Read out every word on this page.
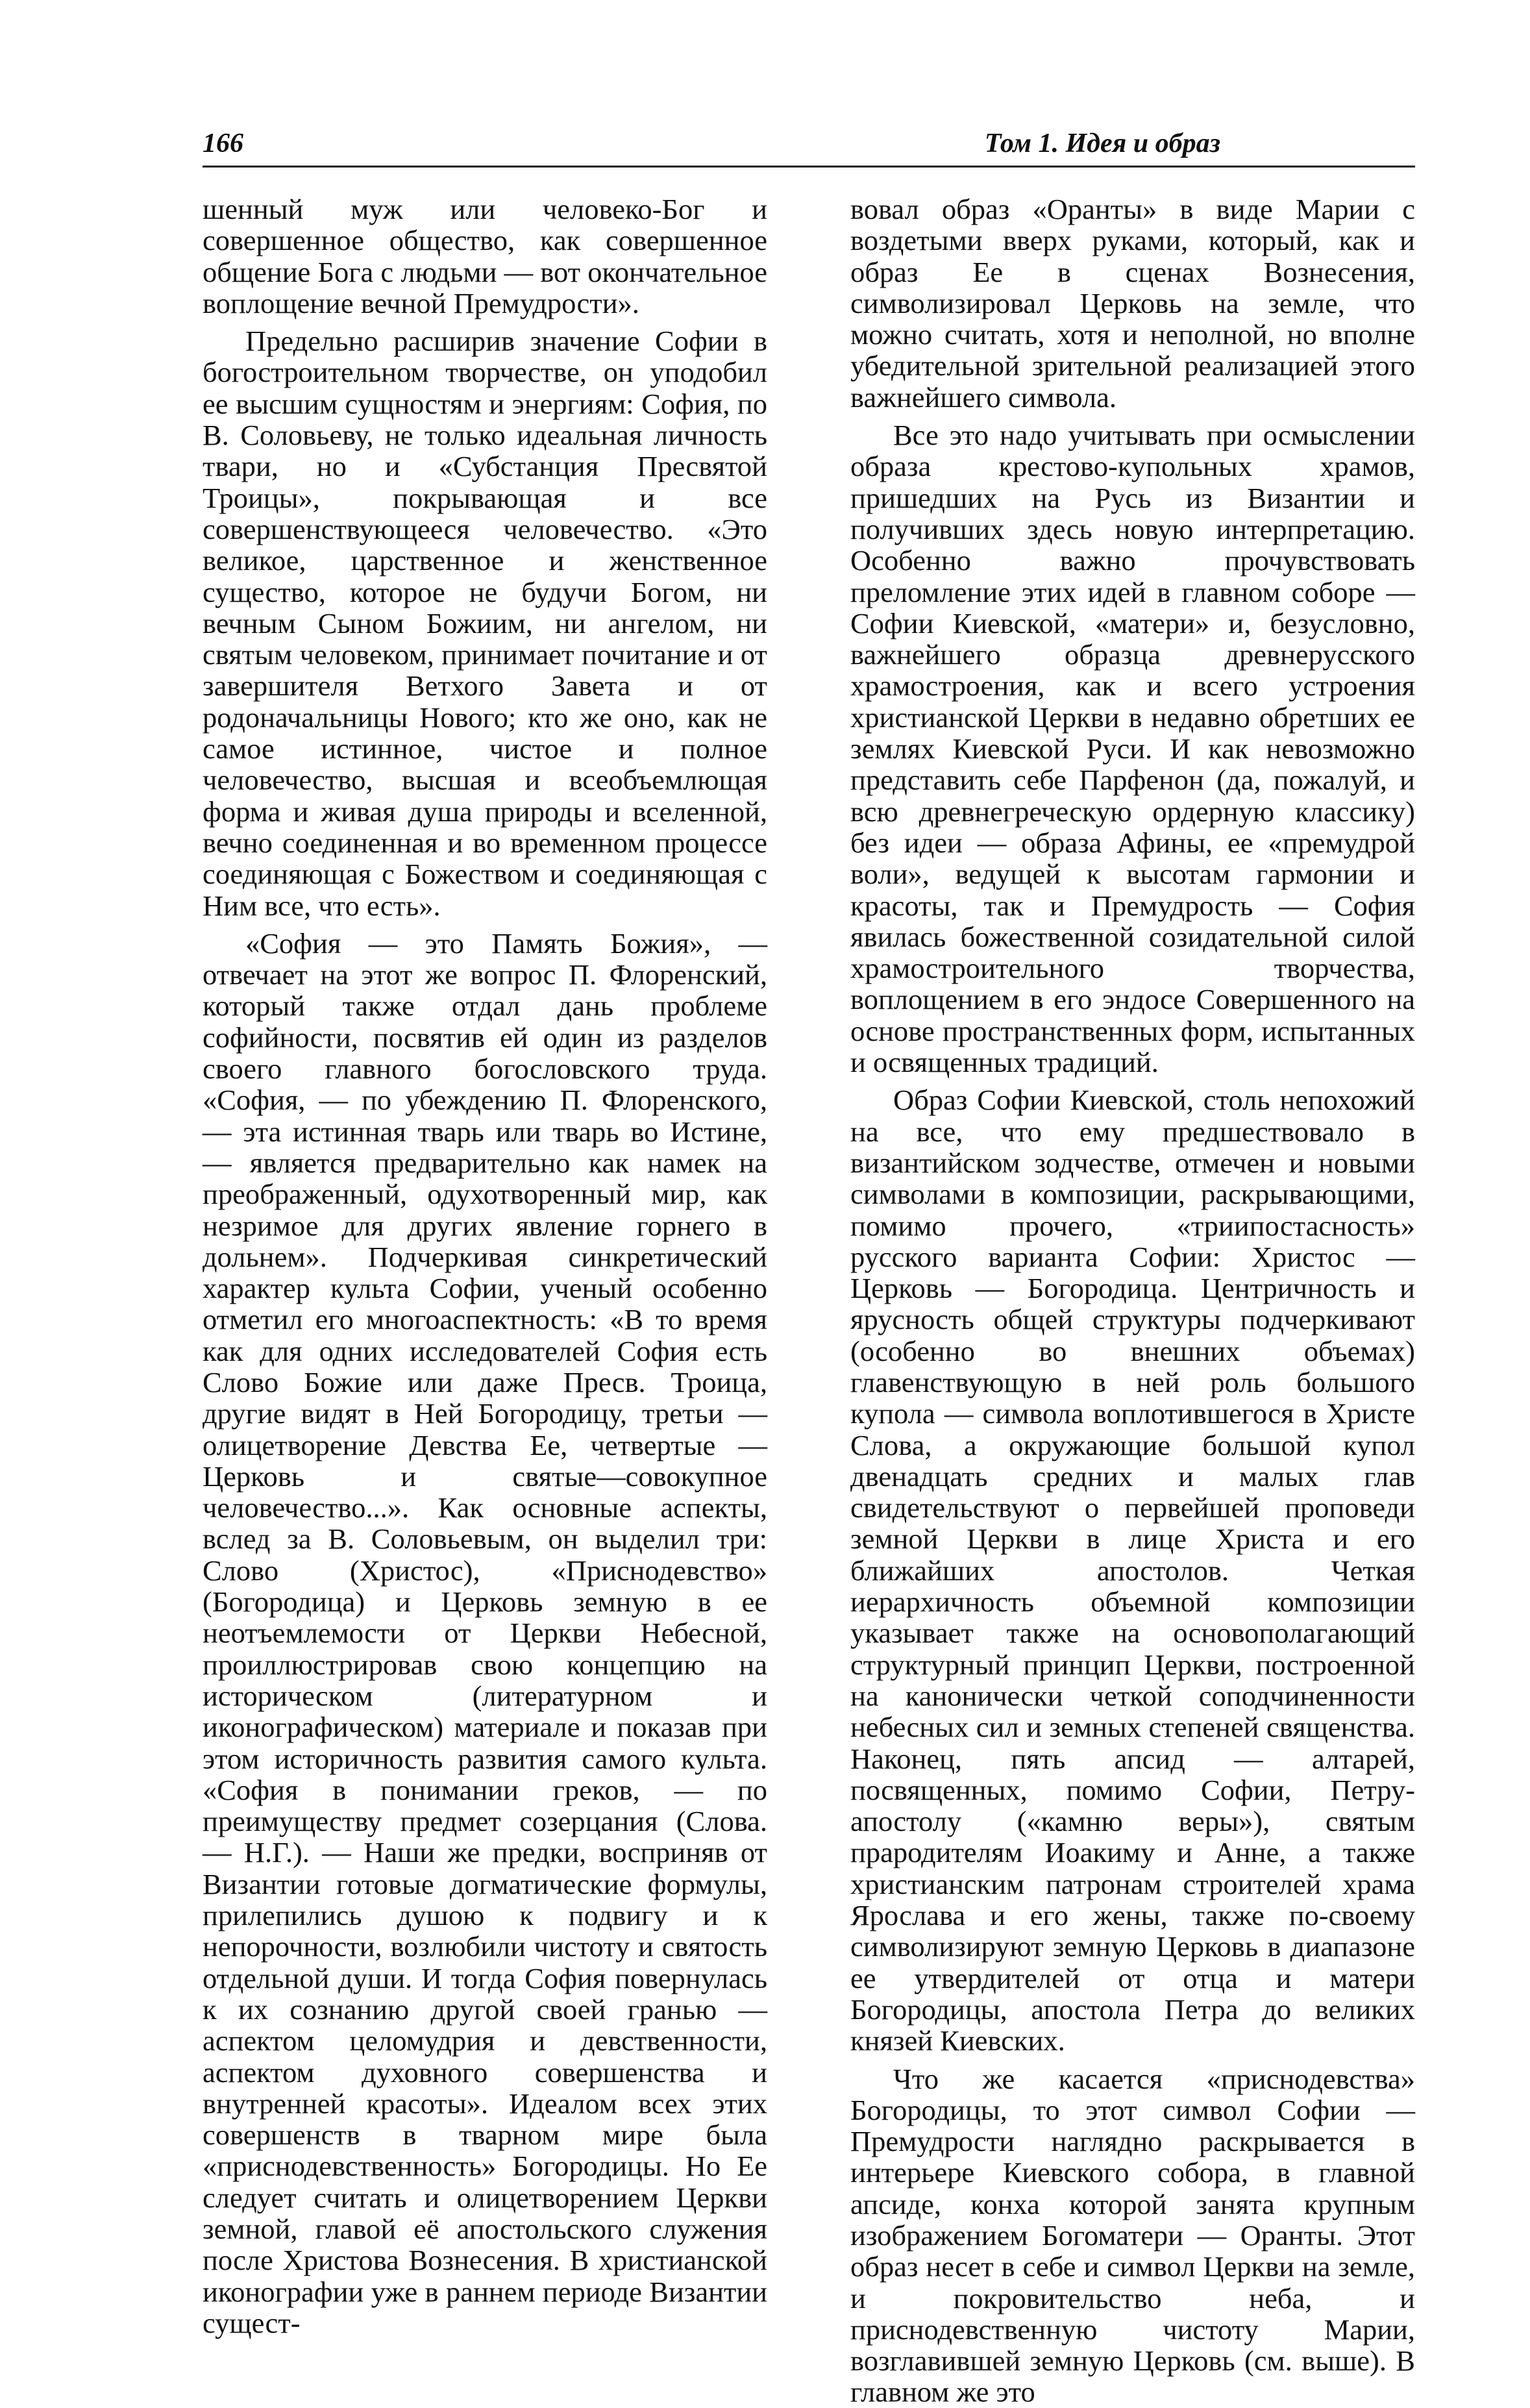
166	Том 1. Идея и образ

шенный муж или человеко-Бог и совершенное общество, как совершенное общение Бога с людьми — вот окончательное воплощение вечной Премудрости».

Предельно расширив значение Софии в богостроительном творчестве, он уподобил ее высшим сущностям и энергиям: София, по В. Соловьеву, не только идеальная личность твари, но и «Субстанция Пресвятой Троицы», покрывающая и все совершенствующееся человечество. «Это великое, царственное и женственное существо, которое не будучи Богом, ни вечным Сыном Божиим, ни ангелом, ни святым человеком, принимает почитание и от завершителя Ветхого Завета и от родоначальницы Нового; кто же оно, как не самое истинное, чистое и полное человечество, высшая и всеобъемлющая форма и живая душа природы и вселенной, вечно соединенная и во временном процессе соединяющая с Божеством и соединяющая с Ним все, что есть».

«София — это Память Божия», — отвечает на этот же вопрос П. Флоренский, который также отдал дань проблеме софийности, посвятив ей один из разделов своего главного богословского труда. «София, — по убеждению П. Флоренского, — эта истинная тварь или тварь во Истине, — является предварительно как намек на преображенный, одухотворенный мир, как незримое для других явление горнего в дольнем». Подчеркивая синкретический характер культа Софии, ученый особенно отметил его многоаспектность: «В то время как для одних исследователей София есть Слово Божие или даже Пресв. Троица, другие видят в Ней Богородицу, третьи — олицетворение Девства Ее, четвертые — Церковь и святые—совокупное человечество...». Как основные аспекты, вслед за В. Соловьевым, он выделил три: Слово (Христос), «Приснодевство» (Богородица) и Церковь земную в ее неотъемлемости от Церкви Небесной, проиллюстрировав свою концепцию на историческом (литературном и иконографическом) материале и показав при этом историчность развития самого культа. «София в понимании греков, — по преимуществу предмет созерцания (Слова. — Н.Г.). — Наши же предки, восприняв от Византии готовые догматические формулы, прилепились душою к подвигу и к непорочности, возлюбили чистоту и святость отдельной души. И тогда София повернулась к их сознанию другой своей гранью — аспектом целомудрия и девственности, аспектом духовного совершенства и внутренней красоты». Идеалом всех этих совершенств в тварном мире была «приснодевственность» Богородицы. Но Ее следует считать и олицетворением Церкви земной, главой её апостольского служения после Христова Вознесения. В христианской иконографии уже в раннем периоде Византии сущест-

вовал образ «Оранты» в виде Марии с воздетыми вверх руками, который, как и образ Ее в сценах Вознесения, символизировал Церковь на земле, что можно считать, хотя и неполной, но вполне убедительной зрительной реализацией этого важнейшего символа.

Все это надо учитывать при осмыслении образа крестово-купольных храмов, пришедших на Русь из Византии и получивших здесь новую интерпретацию. Особенно важно прочувствовать преломление этих идей в главном соборе — Софии Киевской, «матери» и, безусловно, важнейшего образца древнерусского храмостроения, как и всего устроения христианской Церкви в недавно обретших ее землях Киевской Руси. И как невозможно представить себе Парфенон (да, пожалуй, и всю древнегреческую ордерную классику) без идеи — образа Афины, ее «премудрой воли», ведущей к высотам гармонии и красоты, так и Премудрость — София явилась божественной созидательной силой храмостроительного творчества, воплощением в его эндосе Совершенного на основе пространственных форм, испытанных и освященных традиций.

Образ Софии Киевской, столь непохожий на все, что ему предшествовало в византийском зодчестве, отмечен и новыми символами в композиции, раскрывающими, помимо прочего, «триипостасность» русского варианта Софии: Христос — Церковь — Богородица. Центричность и ярусность общей структуры подчеркивают (особенно во внешних объемах) главенствующую в ней роль большого купола — символа воплотившегося в Христе Слова, а окружающие большой купол двенадцать средних и малых глав свидетельствуют о первейшей проповеди земной Церкви в лице Христа и его ближайших апостолов. Четкая иерархичность объемной композиции указывает также на основополагающий структурный принцип Церкви, построенной на канонически четкой соподчиненности небесных сил и земных степеней священства. Наконец, пять апсид — алтарей, посвященных, помимо Софии, Петру-апостолу («камню веры»), святым прародителям Иоакиму и Анне, а также христианским патронам строителей храма Ярослава и его жены, также по-своему символизируют земную Церковь в диапазоне ее утвердителей от отца и матери Богородицы, апостола Петра до великих князей Киевских.

Что же касается «приснодевства» Богородицы, то этот символ Софии — Премудрости наглядно раскрывается в интерьере Киевского собора, в главной апсиде, конха которой занята крупным изображением Богоматери — Оранты. Этот образ несет в себе и символ Церкви на земле, и покровительство неба, и приснодевственную чистоту Марии, возглавившей земную Церковь (см. выше). В главном же это
